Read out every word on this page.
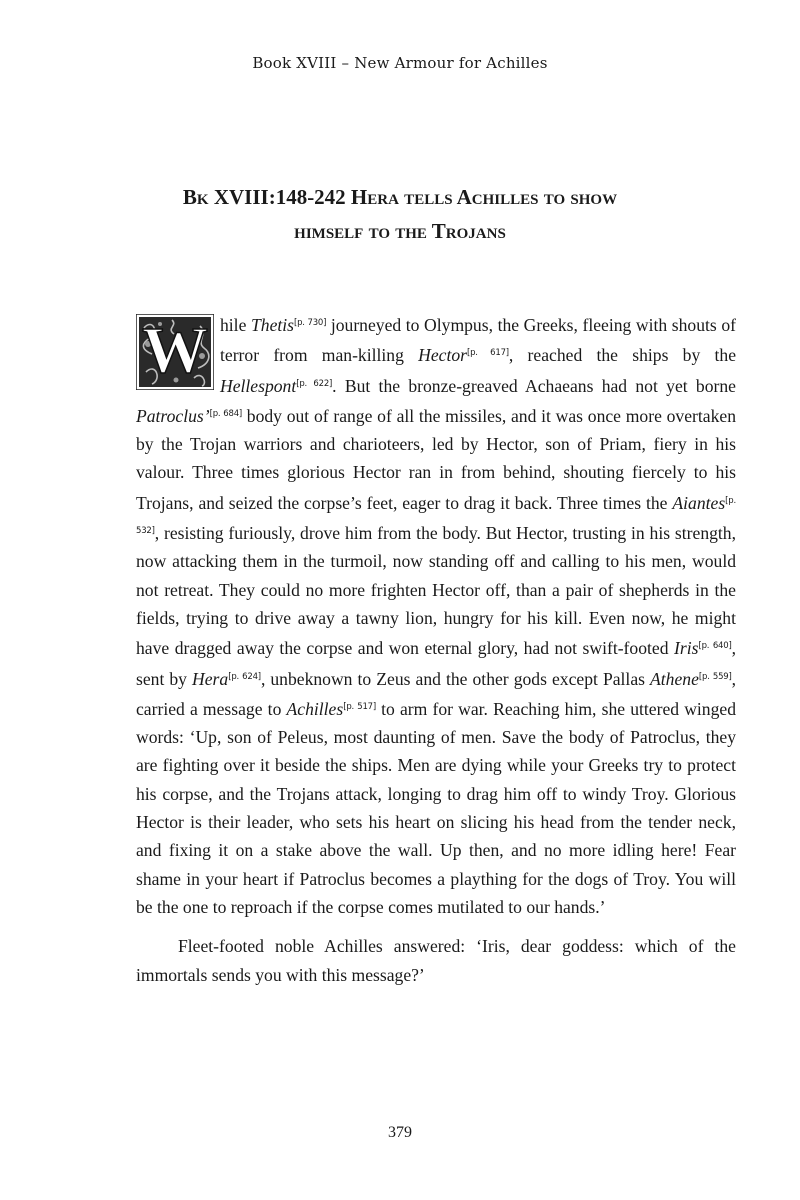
Book XVIII – New Armour for Achilles
Bk XVIII:148-242 Hera tells Achilles to show
himself to the Trojans

W hile Thetis[p. 730] journeyed to Olympus, the Greeks, fleeing with shouts of terror from man-killing Hector[p. 617], reached the ships by the Hellespont[p. 622]. But the bronze-greaved Achaeans had not yet borne Patroclus’[p. 684] body out of range of all the missiles, and it was once more overtaken by the Trojan warriors and charioteers, led by Hector, son of Priam, fiery in his valour. Three times glorious Hector ran in from behind, shouting fiercely to his Trojans, and seized the corpse’s feet, eager to drag it back. Three times the Aiantes[p. 532], resisting furiously, drove him from the body. But Hector, trusting in his strength, now attacking them in the turmoil, now standing off and calling to his men, would not retreat. They could no more frighten Hector off, than a pair of shepherds in the fields, trying to drive away a tawny lion, hungry for his kill. Even now, he might have dragged away the corpse and won eternal glory, had not swift-footed Iris[p. 640], sent by Hera[p. 624], unbeknown to Zeus and the other gods except Pallas Athene[p. 559], carried a message to Achilles[p. 517] to arm for war. Reaching him, she uttered winged words: ‘Up, son of Peleus, most daunting of men. Save the body of Patroclus, they are fighting over it beside the ships. Men are dying while your Greeks try to protect his corpse, and the Trojans attack, longing to drag him off to windy Troy. Glorious Hector is their leader, who sets his heart on slicing his head from the tender neck, and fixing it on a stake above the wall. Up then, and no more idling here! Fear shame in your heart if Patroclus becomes a plaything for the dogs of Troy. You will be the one to reproach if the corpse comes mutilated to our hands.’

Fleet-footed noble Achilles answered: ‘Iris, dear goddess: which of the immortals sends you with this message?’

379
